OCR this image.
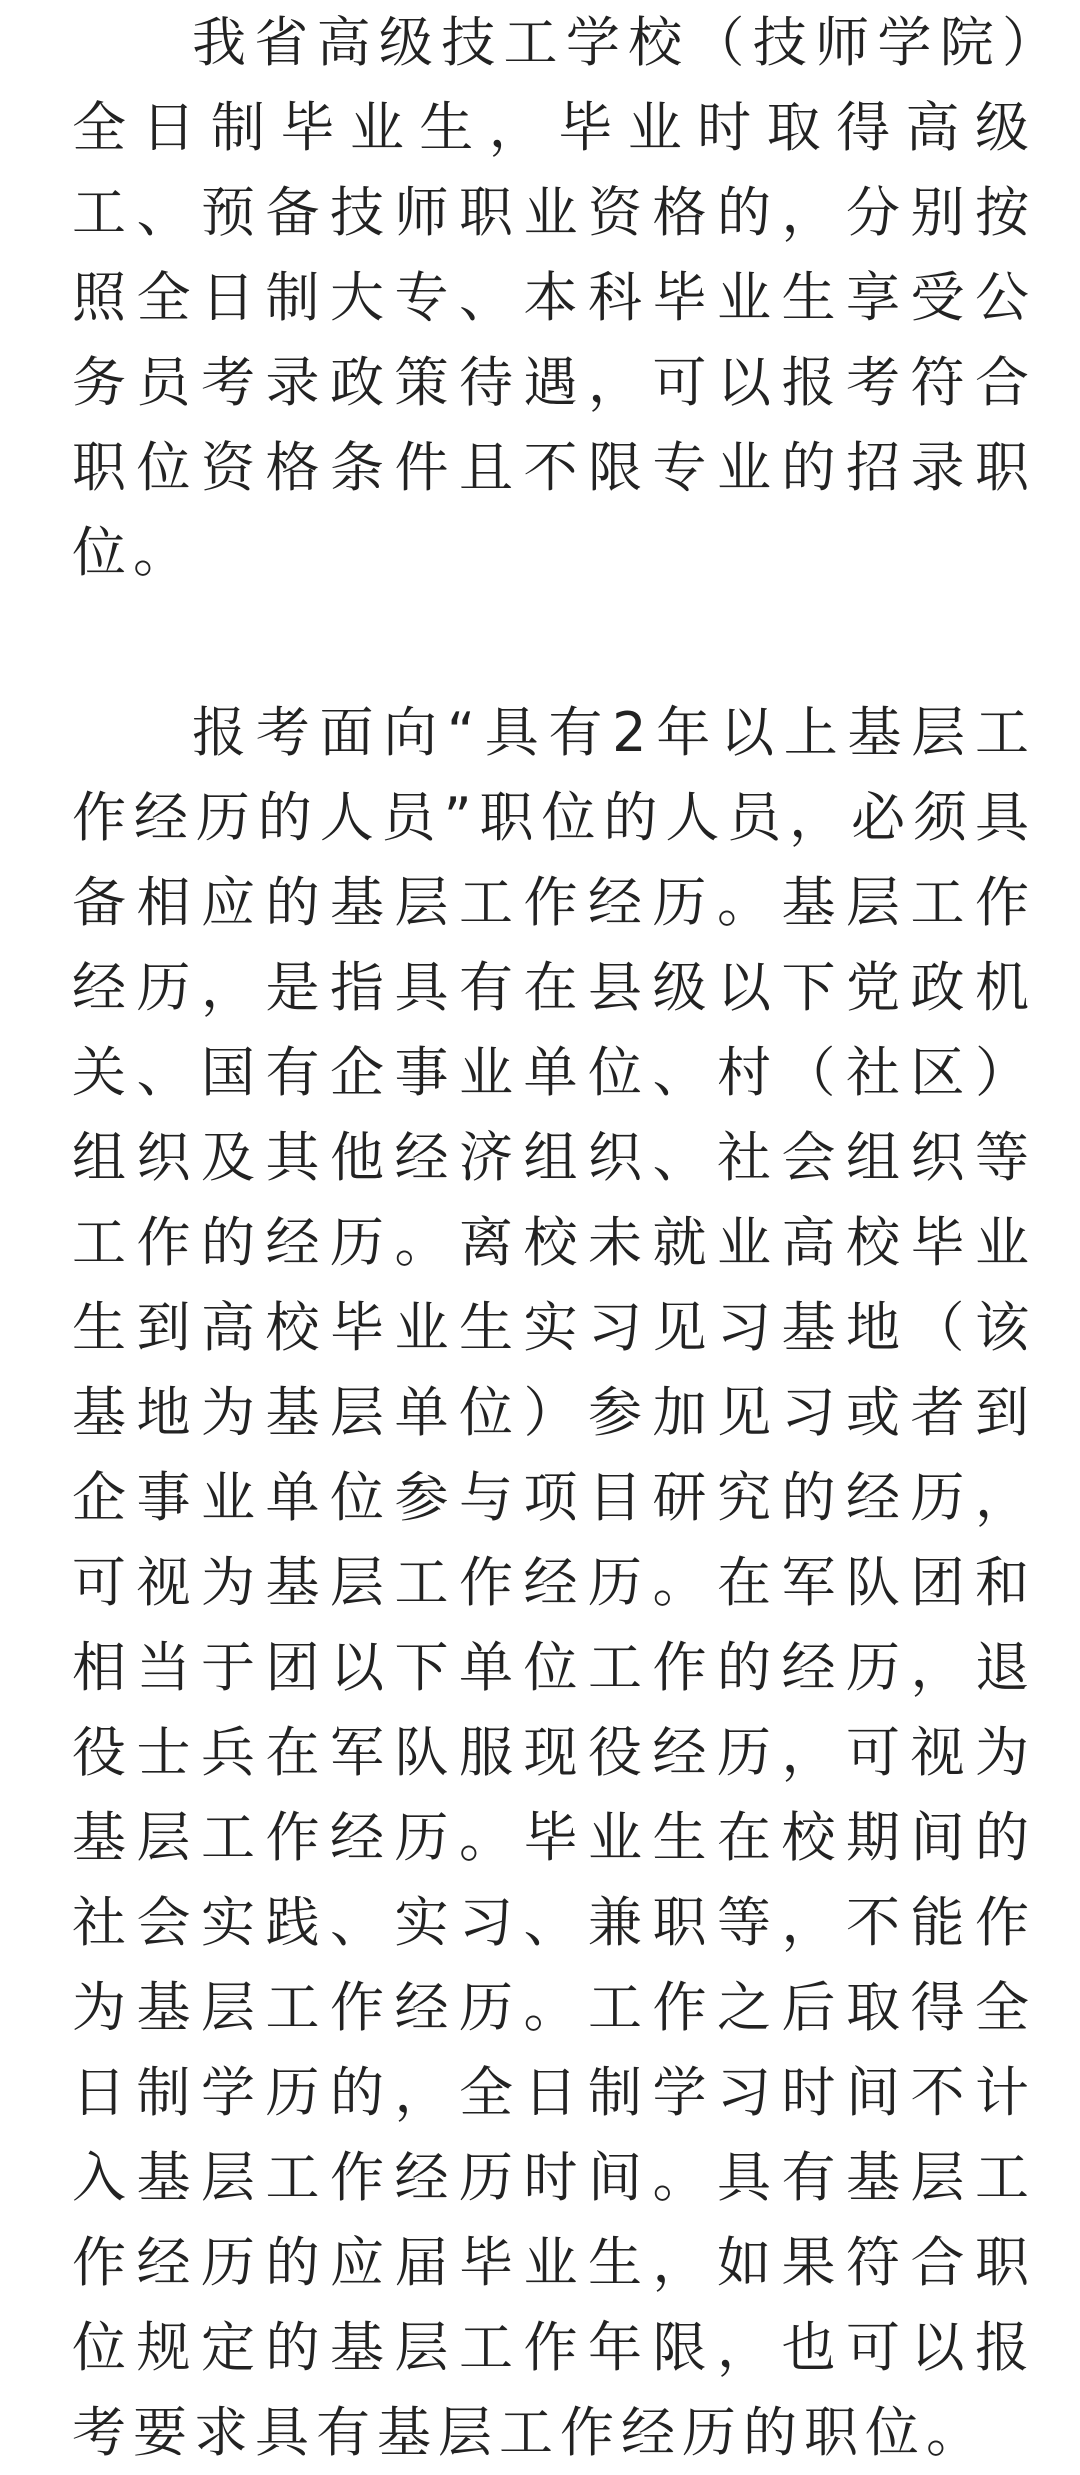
我省高级技工学校（技师学院）全日制毕业生，毕业时取得高级工、预备技师职业资格的，分别按照全日制大专、本科毕业生享受公务员考录政策待遇，可以报考符合职位资格条件且不限专业的招录职位。

报考面向“具有2年以上基层工作经历的人员”职位的人员，必须具备相应的基层工作经历。基层工作经历，是指具有在县级以下党政机关、国有企事业单位、村（社区）组织及其他经济组织、社会组织等工作的经历。离校未就业高校毕业生到高校毕业生实习见习基地（该基地为基层单位）参加见习或者到企事业单位参与项目研究的经历，可视为基层工作经历。在军队团和相当于团以下单位工作的经历，退役士兵在军队服现役经历，可视为基层工作经历。毕业生在校期间的社会实践、实习、兼职等，不能作为基层工作经历。工作之后取得全日制学历的，全日制学习时间不计入基层工作经历时间。具有基层工作经历的应届毕业生，如果符合职位规定的基层工作年限，也可以报考要求具有基层工作经历的职位。
